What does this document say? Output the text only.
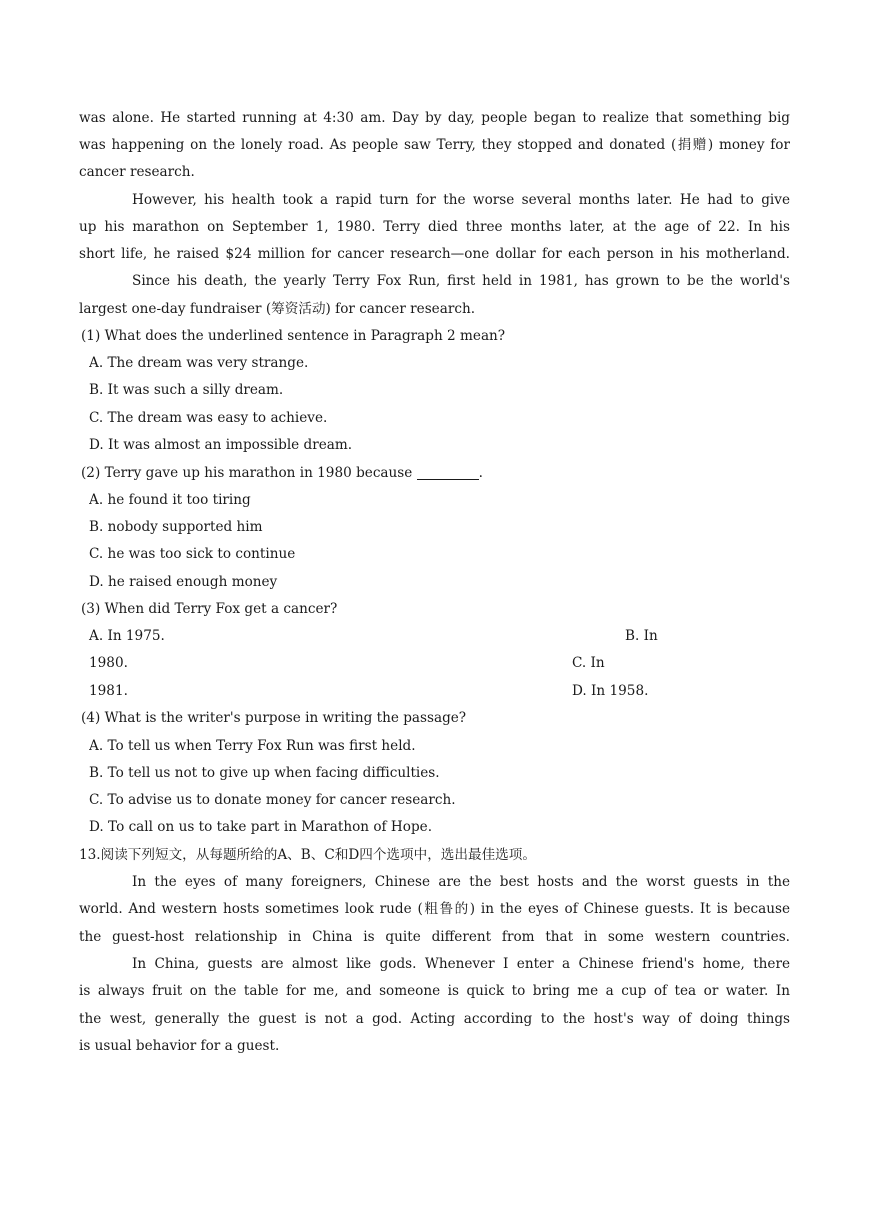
was alone. He started running at 4:30 am. Day by day, people began to realize that something big
was happening on the lonely road. As people saw Terry, they stopped and donated (捐赠) money for
cancer research.
However, his health took a rapid turn for the worse several months later. He had to give
up his marathon on September 1, 1980. Terry died three months later, at the age of 22. In his
short life, he raised $24 million for cancer research—one dollar for each person in his motherland.
Since his death, the yearly Terry Fox Run, first held in 1981, has grown to be the world's
largest one-day fundraiser (筹资活动) for cancer research.
(1) What does the underlined sentence in Paragraph 2 mean?
A. The dream was very strange.
B. It was such a silly dream.
C. The dream was easy to achieve.
D. It was almost an impossible dream.
(2) Terry gave up his marathon in 1980 because	.
A. he found it too tiring
B. nobody supported him
C. he was too sick to continue
D. he raised enough money
(3) When did Terry Fox get a cancer?
A. In 1975.	B. In
1980.	C. In
1981.	D. In 1958.
(4) What is the writer's purpose in writing the passage?
A. To tell us when Terry Fox Run was first held.
B. To tell us not to give up when facing difficulties.
C. To advise us to donate money for cancer research.
D. To call on us to take part in Marathon of Hope.
13.阅读下列短文，从每题所给的A、B、C和D四个选项中，选出最佳选项。
In the eyes of many foreigners, Chinese are the best hosts and the worst guests in the
world. And western hosts sometimes look rude (粗鲁的) in the eyes of Chinese guests. It is because
the guest-host relationship in China is quite different from that in some western countries.
In China, guests are almost like gods. Whenever I enter a Chinese friend's home, there
is always fruit on the table for me, and someone is quick to bring me a cup of tea or water. In
the west, generally the guest is not a god. Acting according to the host's way of doing things
is usual behavior for a guest.
